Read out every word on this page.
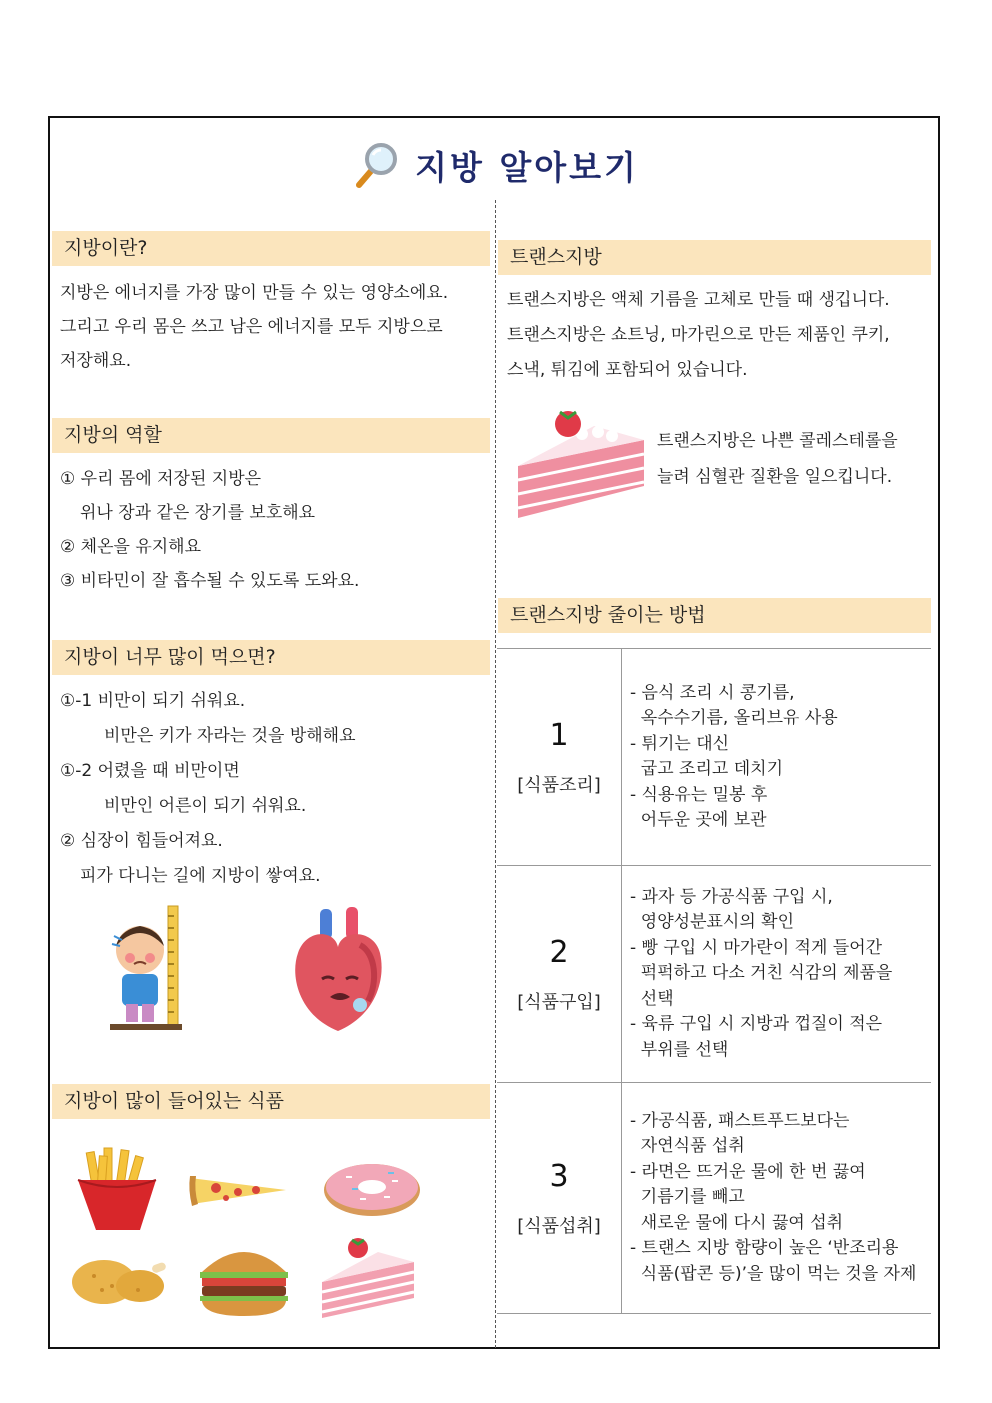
지방 알아보기
지방이란?
지방은 에너지를 가장 많이 만들 수 있는 영양소에요.
그리고 우리 몸은 쓰고 남은 에너지를 모두 지방으로
저장해요.
지방의 역할
① 우리 몸에 저장된 지방은
위나 장과 같은 장기를 보호해요
② 체온을 유지해요
③ 비타민이 잘 흡수될 수 있도록 도와요.
지방이 너무 많이 먹으면?
①-1 비만이 되기 쉬워요.
비만은 키가 자라는 것을 방해해요
①-2 어렸을 때 비만이면
비만인 어른이 되기 쉬워요.
② 심장이 힘들어져요.
피가 다니는 길에 지방이 쌓여요.
지방이 많이 들어있는 식품
트랜스지방
트랜스지방은 액체 기름을 고체로 만들 때 생깁니다.
트랜스지방은 쇼트닝, 마가린으로 만든 제품인 쿠키,
스낵, 튀김에 포함되어 있습니다.
트랜스지방은 나쁜 콜레스테롤을
늘려 심혈관 질환을 일으킵니다.
트랜스지방 줄이는 방법
1
[식품조리]
- 음식 조리 시 콩기름,
옥수수기름, 올리브유 사용
- 튀기는 대신
굽고 조리고 데치기
- 식용유는 밀봉 후
어두운 곳에 보관
2
[식품구입]
- 과자 등 가공식품 구입 시,
영양성분표시의 확인
- 빵 구입 시 마가란이 적게 들어간
퍽퍽하고 다소 거친 식감의 제품을
선택
- 육류 구입 시 지방과 껍질이 적은
부위를 선택
3
[식품섭취]
- 가공식품, 패스트푸드보다는
자연식품 섭취
- 라면은 뜨거운 물에 한 번 끓여
기름기를 빼고
새로운 물에 다시 끓여 섭취
- 트랜스 지방 함량이 높은 ‘반조리용
식품(팝콘 등)’을 많이 먹는 것을 자제
